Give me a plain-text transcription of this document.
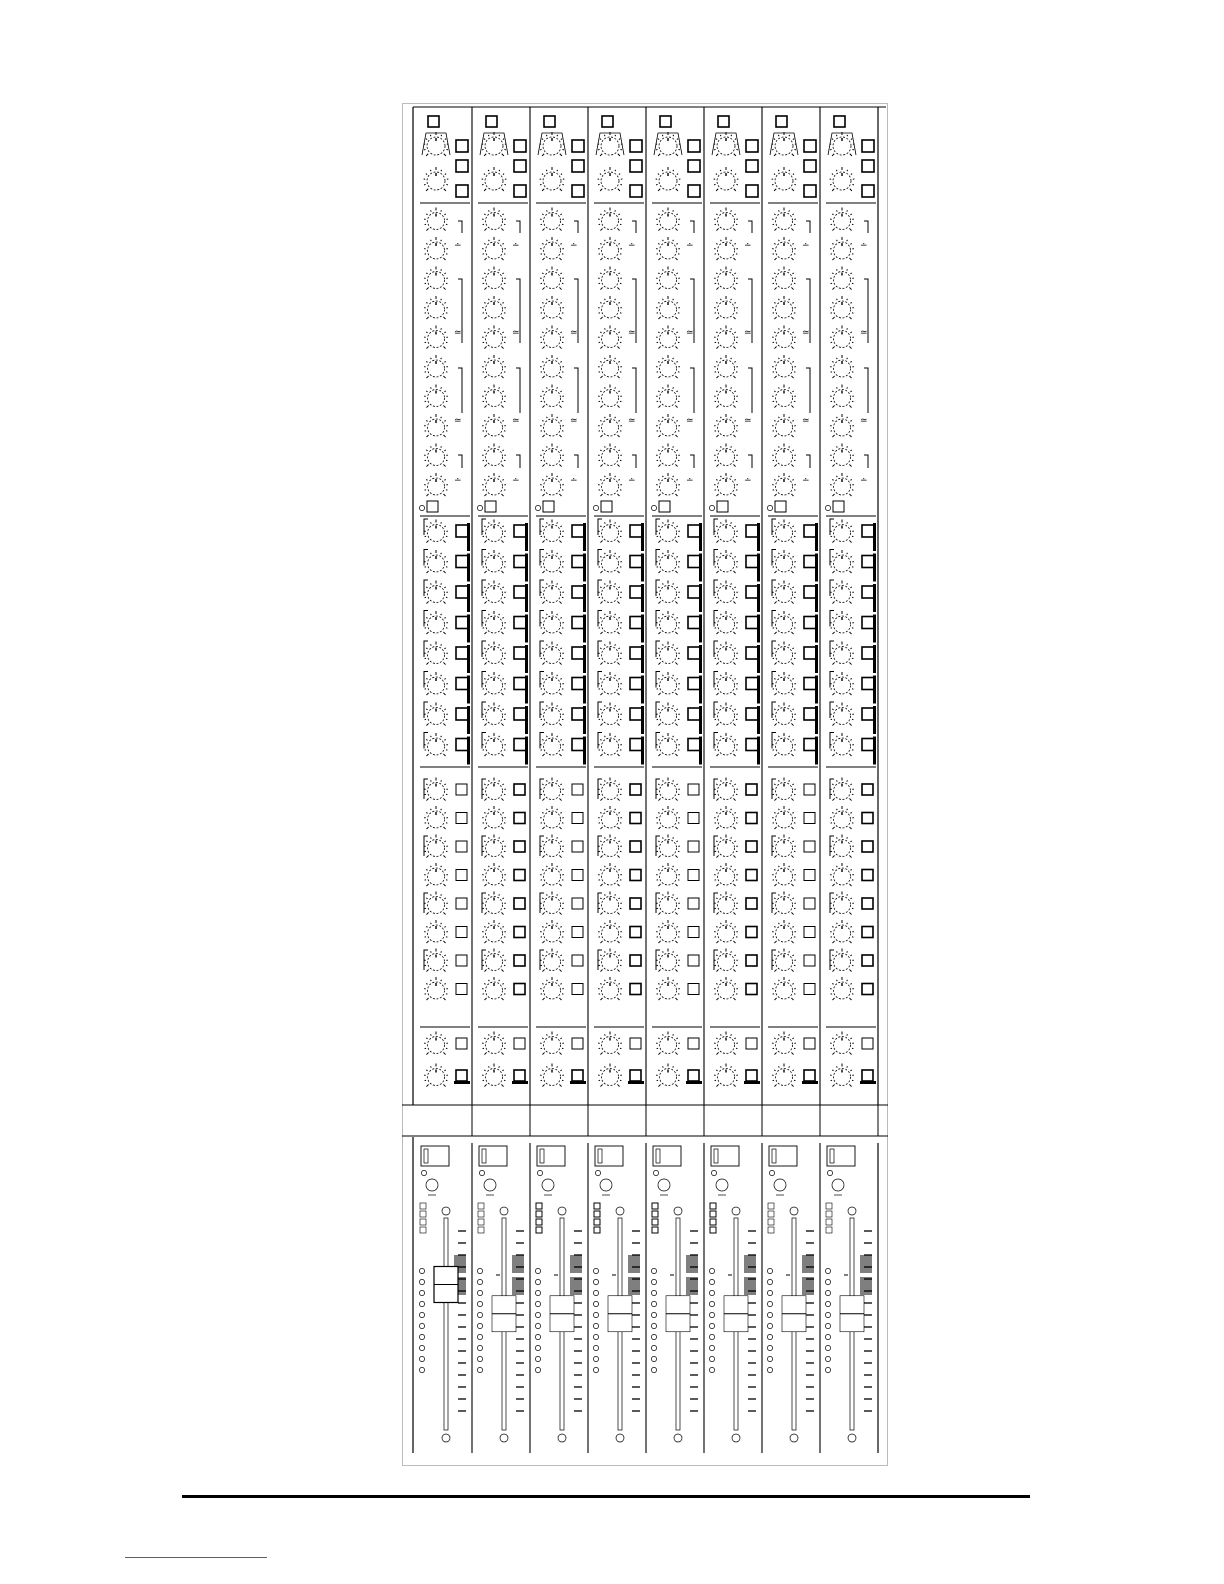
∸
≃
≃
∸
∸
≃
≃
∸
∸
≃
≃
∸
∸
≃
≃
∸
∸
≃
≃
∸
∸
≃
≃
∸
∸
≃
≃
∸
∸
≃
≃
∸
